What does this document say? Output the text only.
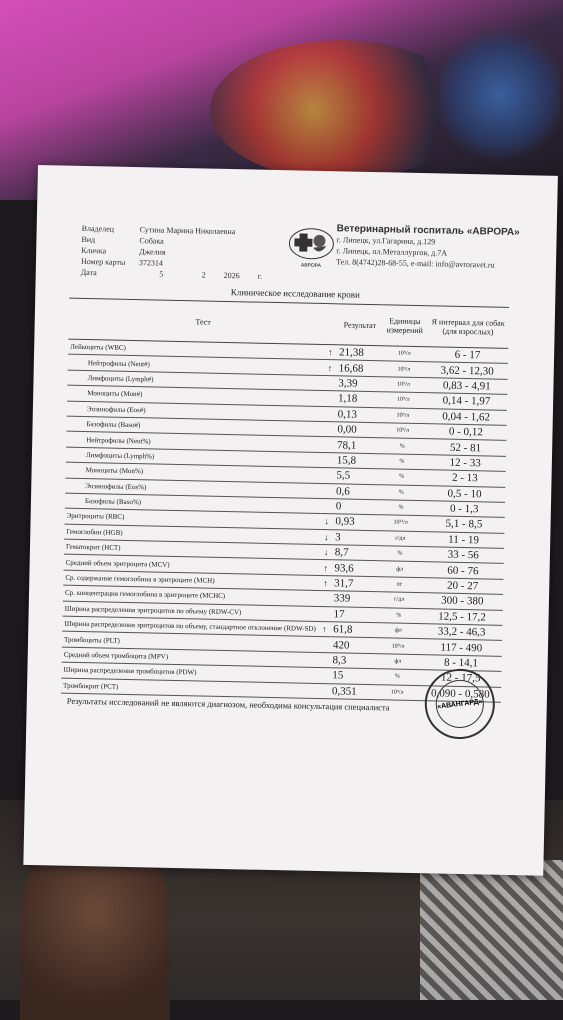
Владелец	Сутина Марина Николаевна
Вид	Собака
Кличка	Джелия
Номер карты	372314
Дата	5	2	2026	г.
АВРОРА
Ветеринарный госпиталь «АВРОРА»
г. Липецк, ул.Гагарина, д.129
г. Липецк, пл.Металлургов, д.7А
Тел. 8(4742)28-68-55, e-mail: info@avroravet.ru
Клиническое исследование крови
Тест		Результат	Единицы измерений	Я интервал для собак (для взрослых)
Лейкоциты (WBC)	↑	21,38	10⁹/л	6 - 17
Нейтрофилы (Neut#)	↑	16,68	10⁹/л	3,62 - 12,30
Лимфоциты (Lymph#)		3,39	10⁹/л	0,83 - 4,91
Моноциты (Mon#)		1,18	10⁹/л	0,14 - 1,97
Эозинофилы (Eos#)		0,13	10⁹/л	0,04 - 1,62
Базофилы (Baso#)		0,00	10⁹/л	0 - 0,12
Нейтрофилы (Neut%)		78,1	%	52 - 81
Лимфоциты (Lymph%)		15,8	%	12 - 33
Моноциты (Mon%)		5,5	%	2 - 13
Эозинофилы (Eos%)		0,6	%	0,5 - 10
Базофилы (Baso%)		0	%	0 - 1,3
Эритроциты (RBC)	↓	0,93	10¹²/л	5,1 - 8,5
Гемоглобин (HGB)	↓	3	г/дл	11 - 19
Гематокрит (HCT)	↓	8,7	%	33 - 56
Средний объем эритроцита (MCV)	↑	93,6	фл	60 - 76
Ср. содержание гемоглобина в эритроците (MCH)	↑	31,7	пг	20 - 27
Ср. концентрация гемоглобина в эритроците (MCHC)		339	г/дл	300 - 380
Ширина распределения эритроцитов по объему (RDW-CV)		17	%	12,5 - 17,2
Ширина распределения эритроцитов по объему, стандартное отклонение (RDW-SD)	↑	61,8	фл	33,2 - 46,3
Тромбоциты (PLT)		420	10⁹/л	117 - 490
Средний объем тромбоцита (MPV)		8,3	фл	8 - 14,1
Ширина распределения тромбоцитов (PDW)		15	%	12 - 17,5
Тромбокрит (PCT)		0,351	10⁹/л	0,090 - 0,580
Результаты исследований не являются диагнозом, необходима консультация специалиста	«АВАНГАРД»
